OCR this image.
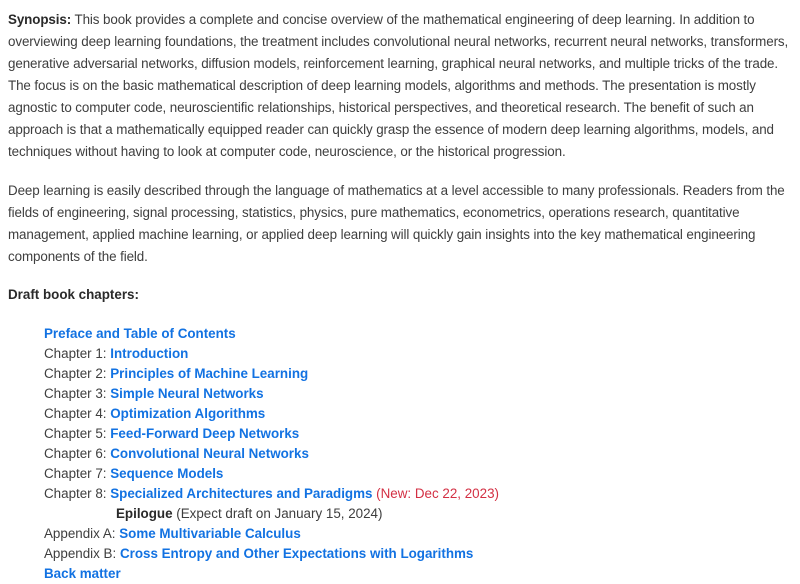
Synopsis: This book provides a complete and concise overview of the mathematical engineering of deep learning. In addition to overviewing deep learning foundations, the treatment includes convolutional neural networks, recurrent neural networks, transformers, generative adversarial networks, diffusion models, reinforcement learning, graphical neural networks, and multiple tricks of the trade. The focus is on the basic mathematical description of deep learning models, algorithms and methods. The presentation is mostly agnostic to computer code, neuroscientific relationships, historical perspectives, and theoretical research. The benefit of such an approach is that a mathematically equipped reader can quickly grasp the essence of modern deep learning algorithms, models, and techniques without having to look at computer code, neuroscience, or the historical progression.

Deep learning is easily described through the language of mathematics at a level accessible to many professionals. Readers from the fields of engineering, signal processing, statistics, physics, pure mathematics, econometrics, operations research, quantitative management, applied machine learning, or applied deep learning will quickly gain insights into the key mathematical engineering components of the field.

Draft book chapters:

Preface and Table of Contents
Chapter 1: Introduction
Chapter 2: Principles of Machine Learning
Chapter 3: Simple Neural Networks
Chapter 4: Optimization Algorithms
Chapter 5: Feed-Forward Deep Networks
Chapter 6: Convolutional Neural Networks
Chapter 7: Sequence Models
Chapter 8: Specialized Architectures and Paradigms (New: Dec 22, 2023)
Epilogue (Expect draft on January 15, 2024)
Appendix A: Some Multivariable Calculus
Appendix B: Cross Entropy and Other Expectations with Logarithms
Back matter
